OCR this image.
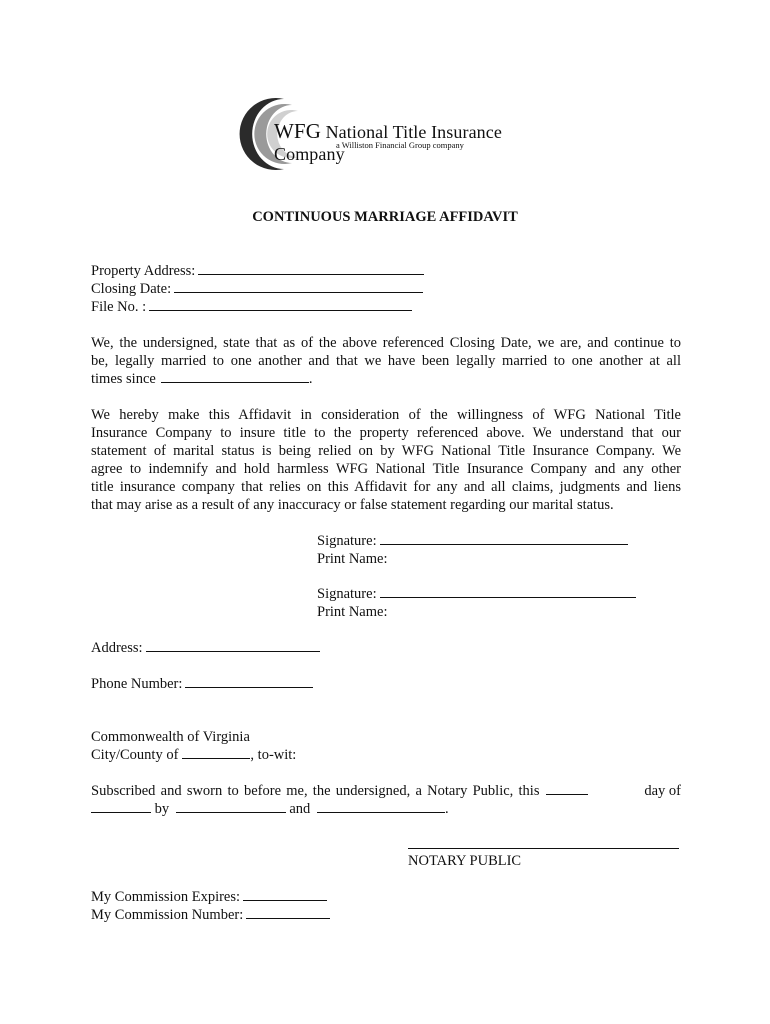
WFG National Title Insurance Company
a Williston Financial Group company
CONTINUOUS MARRIAGE AFFIDAVIT
Property Address:
Closing Date:
File No. :
We, the undersigned, state that as of the above referenced Closing Date, we are, and continue to
be, legally married to one another and that we have been legally married to one another at all
times since	.
We hereby make this Affidavit in consideration of the willingness of WFG National Title
Insurance Company to insure title to the property referenced above. We understand that our
statement of marital status is being relied on by WFG National Title Insurance Company. We
agree to indemnify and hold harmless WFG National Title Insurance Company and any other
title insurance company that relies on this Affidavit for any and all claims, judgments and liens
that may arise as a result of any inaccuracy or false statement regarding our marital status.
Signature:
Print Name:
Signature:
Print Name:
Address:
Phone Number:
Commonwealth of Virginia
City/County of	, to-wit:
Subscribed and sworn to before me, the undersigned, a Notary Public, this	day of
by	and	.
NOTARY PUBLIC
My Commission Expires:
My Commission Number:
